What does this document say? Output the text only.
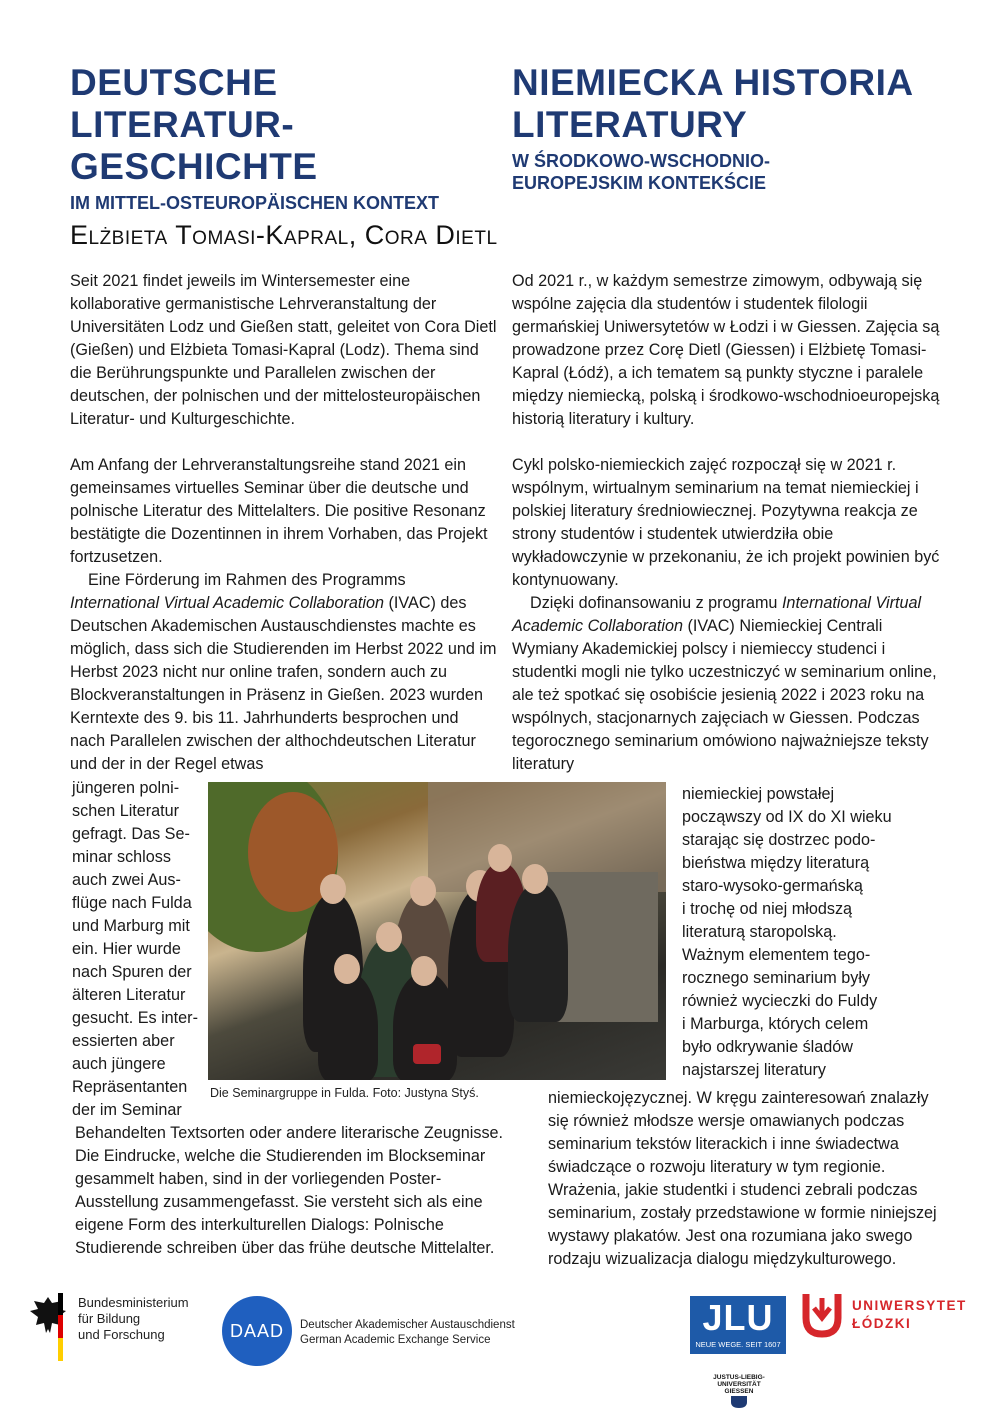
DEUTSCHE LITERATUR-

GESCHICHTE

IM MITTEL-OSTEUROPÄISCHEN KONTEXT

NIEMIECKA HISTORIA

LITERATURY

W ŚRODKOWO-WSCHODNIO-

EUROPEJSKIM KONTEKŚCIE

Elżbieta Tomasi-Kapral, Cora Dietl

Seit 2021 findet jeweils im Wintersemester eine kollaborative germanistische Lehrveranstaltung der Universitäten Lodz und Gießen statt, geleitet von Cora Dietl (Gießen) und Elżbieta Tomasi-Kapral (Lodz). Thema sind die Berührungspunkte und Parallelen zwischen der deutschen, der polnischen und der mittelosteuropäischen Literatur- und Kulturgeschichte.

Am Anfang der Lehrveranstaltungsreihe stand 2021 ein gemeinsames virtuelles Seminar über die deutsche und polnische Literatur des Mittelalters. Die positive Resonanz bestätigte die Dozentinnen in ihrem Vorhaben, das Projekt fortzusetzen.

Eine Förderung im Rahmen des Programms International Virtual Academic Collaboration (IVAC) des Deutschen Akademischen Austauschdienstes machte es möglich, dass sich die Studierenden im Herbst 2022 und im Herbst 2023 nicht nur online trafen, sondern auch zu Blockveranstaltungen in Präsenz in Gießen. 2023 wurden Kerntexte des 9. bis 11. Jahrhunderts besprochen und nach Parallelen zwischen der althochdeutschen Literatur und der in der Regel etwas

jüngeren polni-
schen Literatur
gefragt. Das Se-
minar schloss
auch zwei Aus-
flüge nach Fulda
und Marburg mit
ein. Hier wurde
nach Spuren der
älteren Literatur
gesucht. Es inter-
essierten aber
auch jüngere
Repräsentanten
der im Seminar
Behandelten Textsorten oder andere literarische Zeugnisse. Die Eindrucke, welche die Studierenden im Blockseminar gesammelt haben, sind in der vorliegenden Poster-Ausstellung zusammengefasst. Sie versteht sich als eine eigene Form des interkulturellen Dialogs: Polnische Studierende schreiben über das frühe deutsche Mittelalter.

Od 2021 r., w każdym semestrze zimowym, odbywają się wspólne zajęcia dla studentów i studentek filologii germańskiej Uniwersytetów w Łodzi i w Giessen. Zajęcia są prowadzone przez Corę Dietl (Giessen) i Elżbietę Tomasi-Kapral (Łódź), a ich tematem są punkty styczne i paralele między niemiecką, polską i środkowo-wschodnioeuropejską historią literatury i kultury.

Cykl polsko-niemieckich zajęć rozpoczął się w 2021 r. wspólnym, wirtualnym seminarium na temat niemieckiej i polskiej literatury średniowiecznej. Pozytywna reakcja ze strony studentów i studentek utwierdziła obie wykładowczynie w przekonaniu, że ich projekt powinien być kontynuowany.

Dzięki dofinansowaniu z programu International Virtual Academic Collaboration (IVAC) Niemieckiej Centrali Wymiany Akademickiej polscy i niemieccy studenci i studentki mogli nie tylko uczestniczyć w seminarium online, ale też spotkać się osobiście jesienią 2022 i 2023 roku na wspólnych, stacjonarnych zajęciach w Giessen. Podczas tegorocznego seminarium omówiono najważniejsze teksty literatury

niemieckiej powstałej
począwszy od IX do XI wieku
starając się dostrzec podo-
bieństwa między literaturą
staro-wysoko-germańską
i trochę od niej młodszą
literaturą staropolską.
Ważnym elementem tego-
rocznego seminarium były
również wycieczki do Fuldy
i Marburga, których celem
było odkrywanie śladów
najstarszej literatury
niemieckojęzycznej. W kręgu zainteresowań znalazły się również młodsze wersje omawianych podczas seminarium tekstów literackich i inne świadectwa świadczące o rozwoju literatury w tym regionie. Wrażenia, jakie studentki i studenci zebrali podczas seminarium, zostały przedstawione w formie niniejszej wystawy plakatów. Jest ona rozumiana jako swego rodzaju wizualizacja dialogu międzykulturowego.
Die Seminargruppe in Fulda. Foto: Justyna Styś.
Bundesministerium
für Bildung
und Forschung	DAAD Deutscher Akademischer Austauschdienst
German Academic Exchange Service
JLU
NEUE WEGE. SEIT 1607
UNIWERSYTET
ŁÓDZKI
JUSTUS-LIEBIG-
UNIVERSITÄT
GIESSEN
